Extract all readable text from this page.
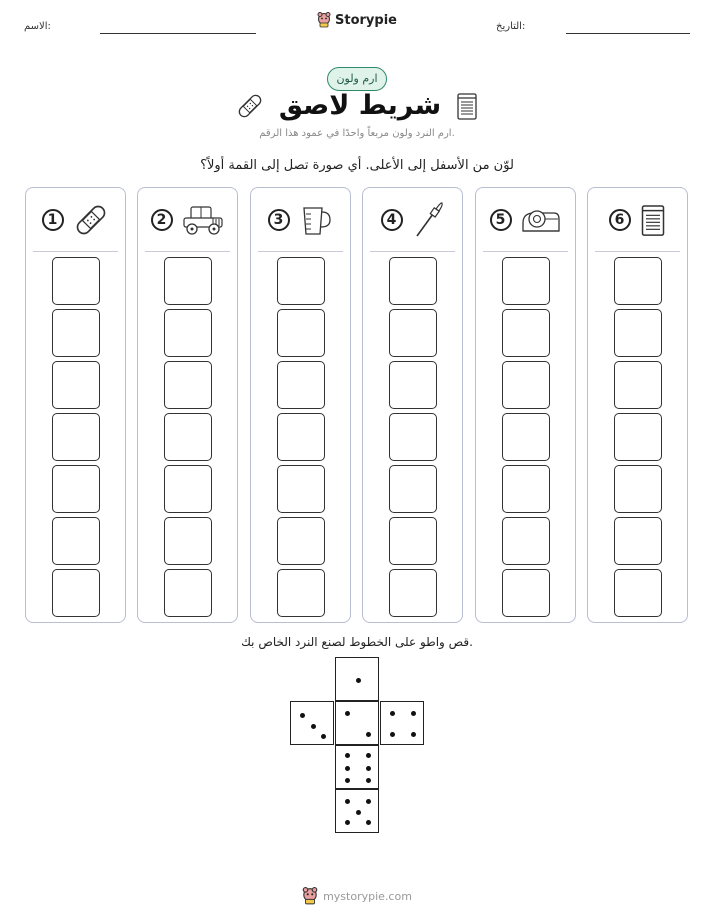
الاسم:	Storypie	التاريخ:
ارم ولون
شريط لاصق
ارم النرد ولون مربعاً واحدًا في عمود هذا الرقم.
لوّن من الأسفل إلى الأعلى. أي صورة تصل إلى القمة أولاً؟
1	2	3	4	5	6
قص واطو على الخطوط لصنع النرد الخاص بك.
mystorypie.com
